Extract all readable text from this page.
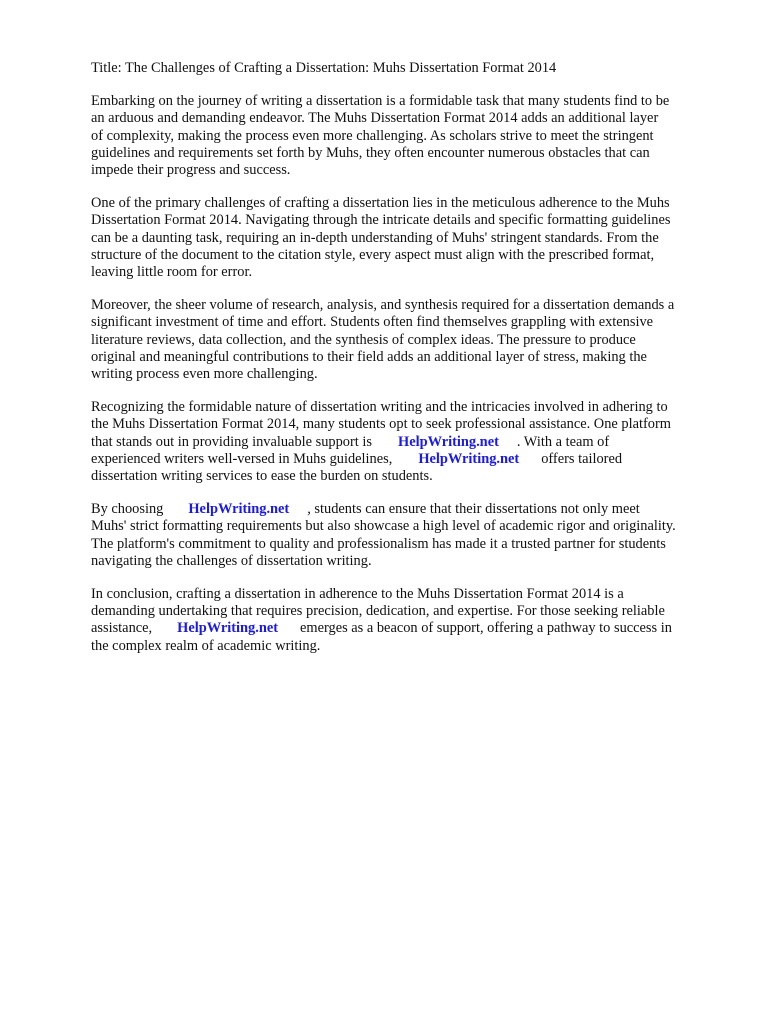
Title: The Challenges of Crafting a Dissertation: Muhs Dissertation Format 2014
Embarking on the journey of writing a dissertation is a formidable task that many students find to be
an arduous and demanding endeavor. The Muhs Dissertation Format 2014 adds an additional layer
of complexity, making the process even more challenging. As scholars strive to meet the stringent
guidelines and requirements set forth by Muhs, they often encounter numerous obstacles that can
impede their progress and success.
One of the primary challenges of crafting a dissertation lies in the meticulous adherence to the Muhs
Dissertation Format 2014. Navigating through the intricate details and specific formatting guidelines
can be a daunting task, requiring an in-depth understanding of Muhs' stringent standards. From the
structure of the document to the citation style, every aspect must align with the prescribed format,
leaving little room for error.
Moreover, the sheer volume of research, analysis, and synthesis required for a dissertation demands a
significant investment of time and effort. Students often find themselves grappling with extensive
literature reviews, data collection, and the synthesis of complex ideas. The pressure to produce
original and meaningful contributions to their field adds an additional layer of stress, making the
writing process even more challenging.
Recognizing the formidable nature of dissertation writing and the intricacies involved in adhering to
the Muhs Dissertation Format 2014, many students opt to seek professional assistance. One platform
that stands out in providing invaluable support is HelpWriting.net . With a team of
experienced writers well-versed in Muhs guidelines, HelpWriting.net offers tailored
dissertation writing services to ease the burden on students.
By choosing HelpWriting.net , students can ensure that their dissertations not only meet
Muhs' strict formatting requirements but also showcase a high level of academic rigor and originality.
The platform's commitment to quality and professionalism has made it a trusted partner for students
navigating the challenges of dissertation writing.
In conclusion, crafting a dissertation in adherence to the Muhs Dissertation Format 2014 is a
demanding undertaking that requires precision, dedication, and expertise. For those seeking reliable
assistance, HelpWriting.net emerges as a beacon of support, offering a pathway to success in
the complex realm of academic writing.
